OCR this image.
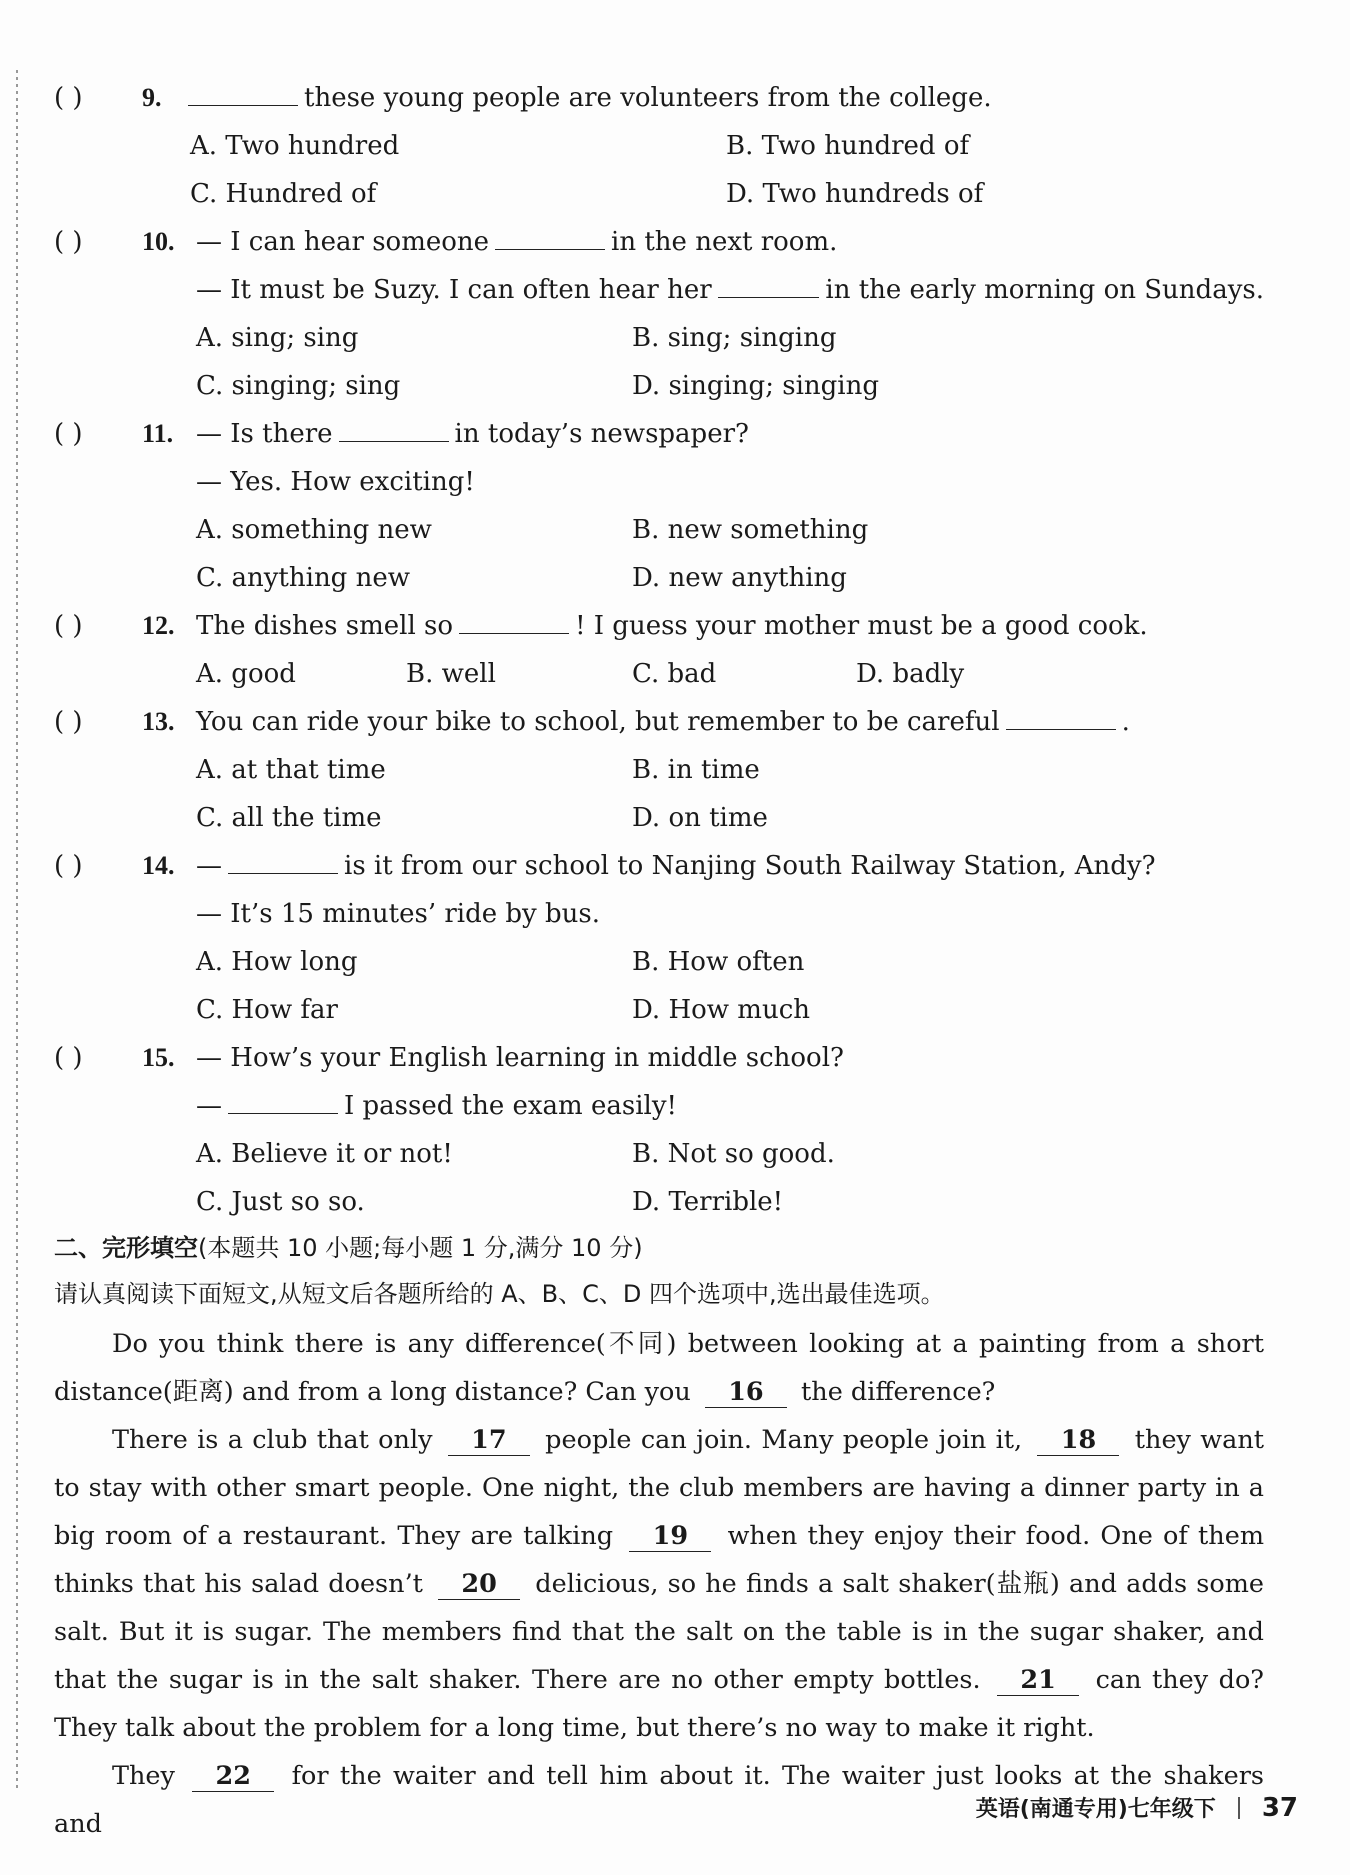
( )	9.	these young people are volunteers from the college.
A. Two hundred	B. Two hundred of
C. Hundred of	D. Two hundreds of
( )	10. — I can hear someone	in the next room.
— It must be Suzy. I can often hear her	in the early morning on Sundays.
A. sing; sing	B. sing; singing
C. singing; sing	D. singing; singing
( )	11. — Is there	in today’s newspaper?
— Yes. How exciting!
A. something new	B. new something
C. anything new	D. new anything
( )	12. The dishes smell so	! I guess your mother must be a good cook.
A. good	B. well	C. bad	D. badly
( )	13. You can ride your bike to school, but remember to be careful	.
A. at that time	B. in time
C. all the time	D. on time
( )	14. —	is it from our school to Nanjing South Railway Station, Andy?
— It’s 15 minutes’ ride by bus.
A. How long	B. How often
C. How far	D. How much
( )	15. — How’s your English learning in middle school?
—	I passed the exam easily!
A. Believe it or not!	B. Not so good.
C. Just so so.	D. Terrible!
二、完形填空(本题共 10 小题;每小题 1 分,满分 10 分)
请认真阅读下面短文,从短文后各题所给的 A、B、C、D 四个选项中,选出最佳选项。

Do you think there is any difference(不同) between looking at a painting from a short distance(距离) and from a long distance? Can you 16 the difference?

There is a club that only 17 people can join. Many people join it, 18 they want to stay with other smart people. One night, the club members are having a dinner party in a big room of a restaurant. They are talking 19 when they enjoy their food. One of them thinks that his salad doesn’t 20 delicious, so he finds a salt shaker(盐瓶) and adds some salt. But it is sugar. The members find that the salt on the table is in the sugar shaker, and that the sugar is in the salt shaker. There are no other empty bottles. 21 can they do? They talk about the problem for a long time, but there’s no way to make it right.

They 22 for the waiter and tell him about it. The waiter just looks at the shakers and	英语(南通专用)七年级下 37
